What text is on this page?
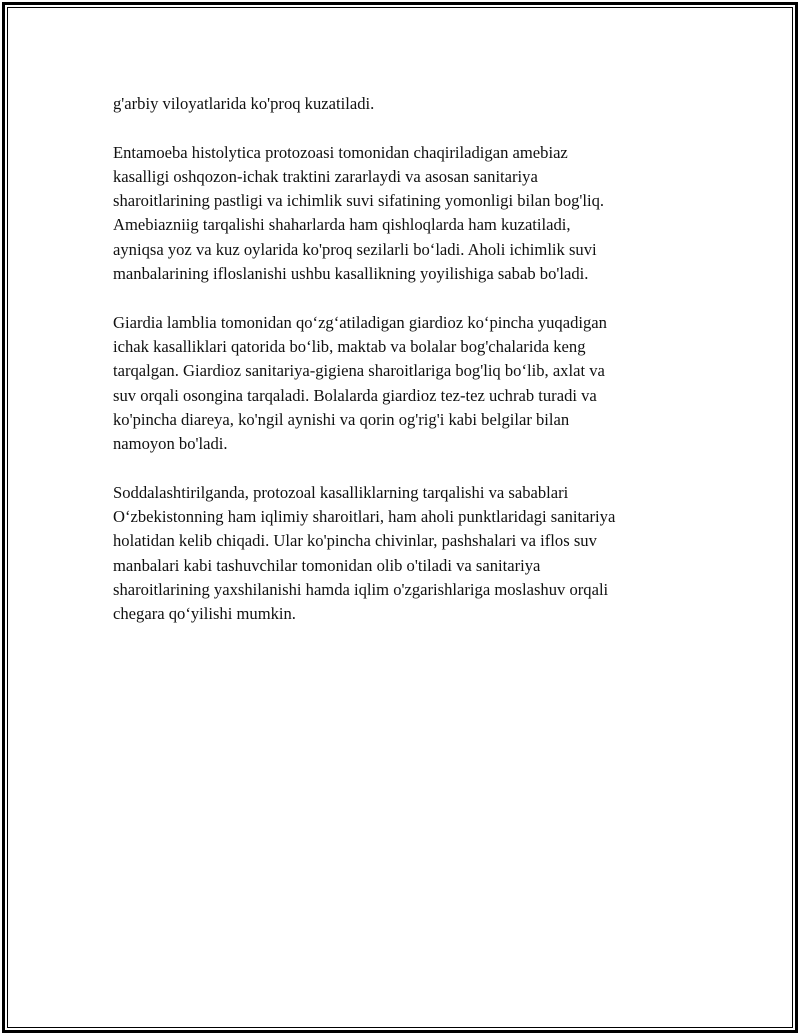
g'arbiy viloyatlarida ko'proq kuzatiladi.

Entamoeba histolytica protozoasi tomonidan chaqiriladigan amebiaz
kasalligi oshqozon-ichak traktini zararlaydi va asosan sanitariya
sharoitlarining pastligi va ichimlik suvi sifatining yomonligi bilan bog'liq.
Amebiazniig tarqalishi shaharlarda ham qishloqlarda ham kuzatiladi,
ayniqsa yoz va kuz oylarida ko'proq sezilarli bo‘ladi. Aholi ichimlik suvi
manbalarining ifloslanishi ushbu kasallikning yoyilishiga sabab bo'ladi.

Giardia lamblia tomonidan qo‘zg‘atiladigan giardioz ko‘pincha yuqadigan
ichak kasalliklari qatorida bo‘lib, maktab va bolalar bog'chalarida keng
tarqalgan. Giardioz sanitariya-gigiena sharoitlariga bog'liq bo‘lib, axlat va
suv orqali osongina tarqaladi. Bolalarda giardioz tez-tez uchrab turadi va
ko'pincha diareya, ko'ngil aynishi va qorin og'rig'i kabi belgilar bilan
namoyon bo'ladi.

Soddalashtirilganda, protozoal kasalliklarning tarqalishi va sabablari
O‘zbekistonning ham iqlimiy sharoitlari, ham aholi punktlaridagi sanitariya
holatidan kelib chiqadi. Ular ko'pincha chivinlar, pashshalari va iflos suv
manbalari kabi tashuvchilar tomonidan olib o'tiladi va sanitariya
sharoitlarining yaxshilanishi hamda iqlim o'zgarishlariga moslashuv orqali
chegara qo‘yilishi mumkin.
